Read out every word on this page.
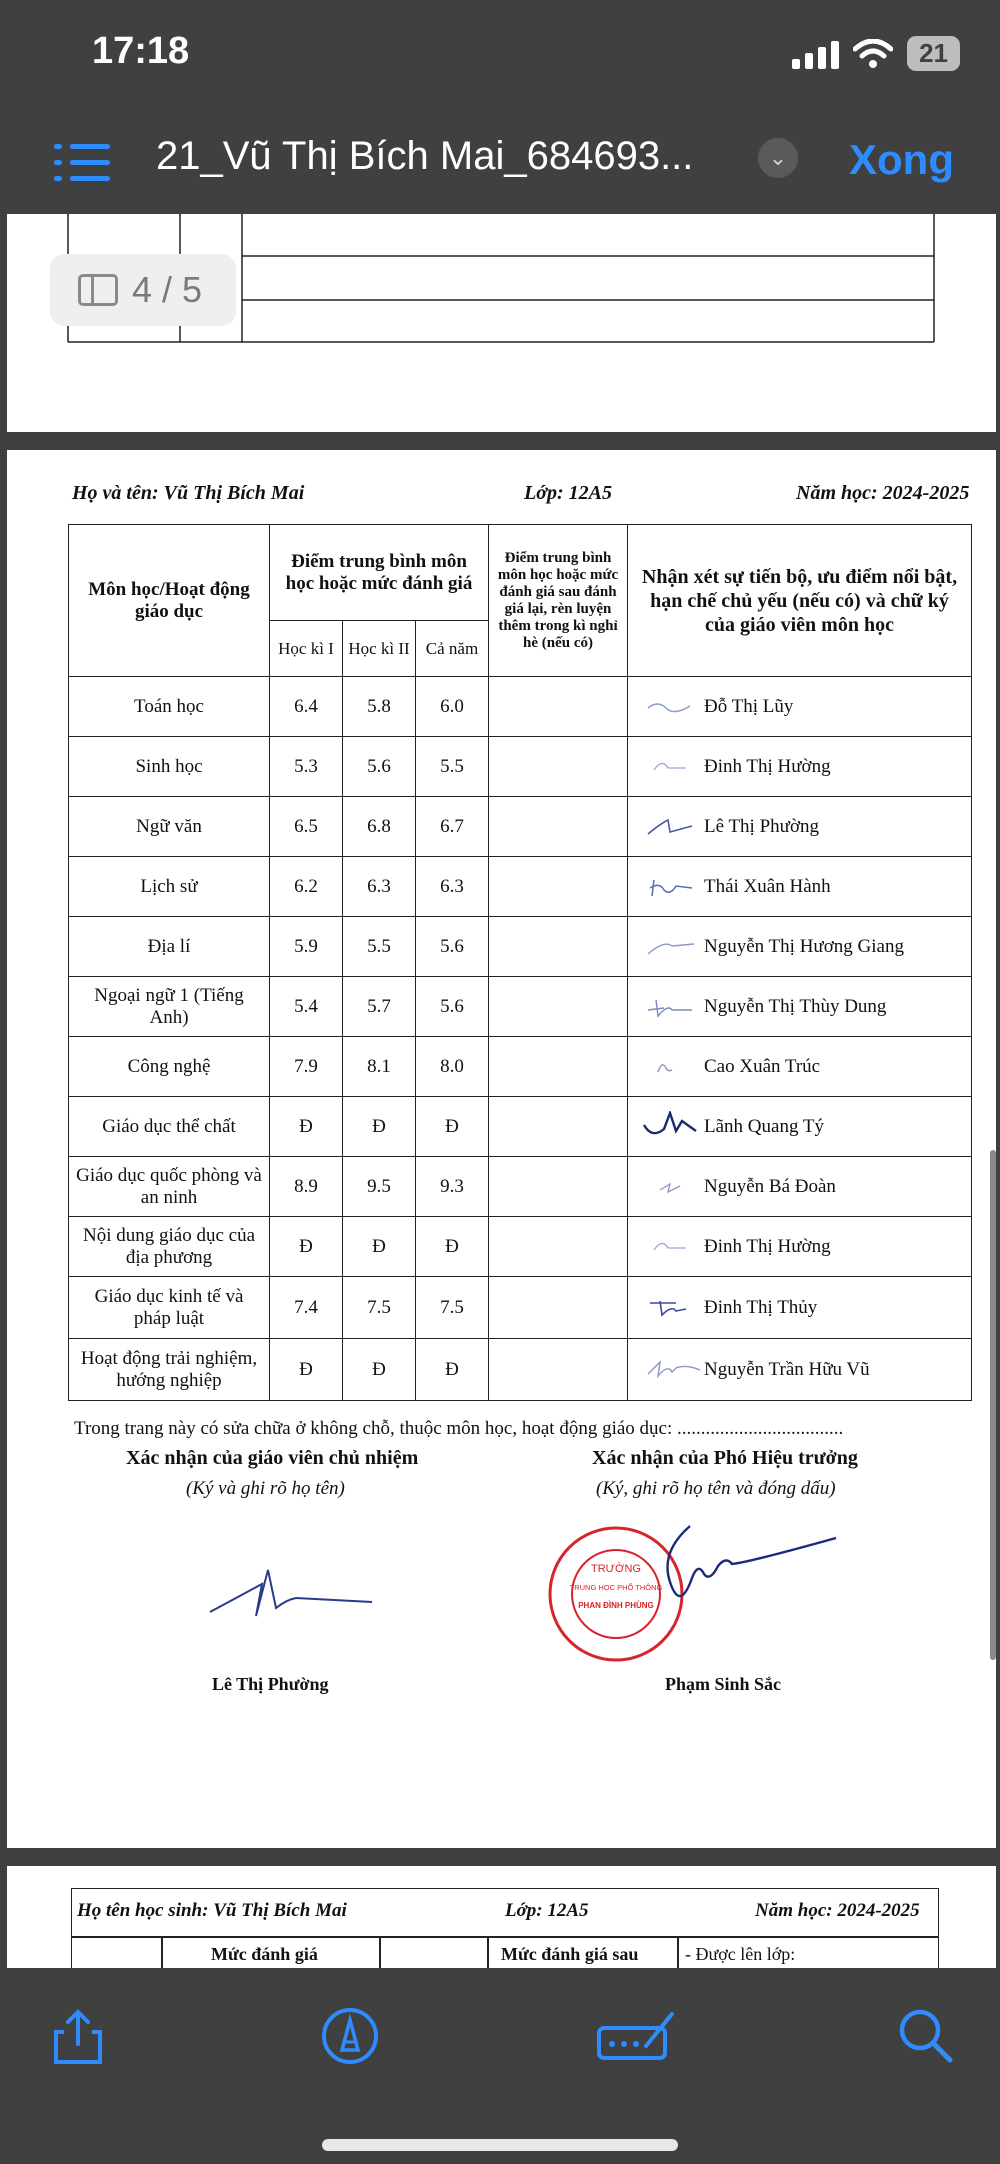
17:18	21
21_Vũ Thị Bích Mai_684693...	⌄ Xong
4 / 5
Họ và tên: Vũ Thị Bích Mai	Lớp: 12A5	Năm học: 2024-2025
Môn học/Hoạt động giáo dục	Điểm trung bình môn học hoặc mức đánh giá			Điểm trung bình môn học hoặc mức đánh giá sau đánh giá lại, rèn luyện thêm trong kì nghỉ hè (nếu có)	Nhận xét sự tiến bộ, ưu điểm nổi bật, hạn chế chủ yếu (nếu có) và chữ ký của giáo viên môn học
	Học kì I	Học kì II	Cả năm		
Toán học	6.4	5.8	6.0		Đỗ Thị Lũy
Sinh học	5.3	5.6	5.5		Đinh Thị Hường
Ngữ văn	6.5	6.8	6.7		Lê Thị Phường
Lịch sử	6.2	6.3	6.3		Thái Xuân Hành
Địa lí	5.9	5.5	5.6		Nguyễn Thị Hương Giang
Ngoại ngữ 1 (Tiếng Anh)	5.4	5.7	5.6		Nguyễn Thị Thùy Dung
Công nghệ	7.9	8.1	8.0		Cao Xuân Trúc
Giáo dục thể chất	Đ	Đ	Đ		Lãnh Quang Tý
Giáo dục quốc phòng và an ninh	8.9	9.5	9.3		Nguyễn Bá Đoàn
Nội dung giáo dục của địa phương	Đ	Đ	Đ		Đinh Thị Hường
Giáo dục kinh tế và pháp luật	7.4	7.5	7.5		Đinh Thị Thủy
Hoạt động trải nghiệm, hướng nghiệp	Đ	Đ	Đ		Nguyễn Trần Hữu Vũ
Trong trang này có sửa chữa ở không chỗ, thuộc môn học, hoạt động giáo dục: ...................................
Xác nhận của giáo viên chủ nhiệm
(Ký và ghi rõ họ tên)
Xác nhận của Phó Hiệu trưởng
(Ký, ghi rõ họ tên và đóng dấu)
TRƯỜNG
TRUNG HỌC PHỔ THÔNG
PHAN ĐÌNH PHÙNG
Lê Thị Phường	Phạm Sinh Sắc
Họ tên học sinh: Vũ Thị Bích Mai	Lớp: 12A5	Năm học: 2024-2025
Mức đánh giá	Mức đánh giá sau	- Được lên lớp:
